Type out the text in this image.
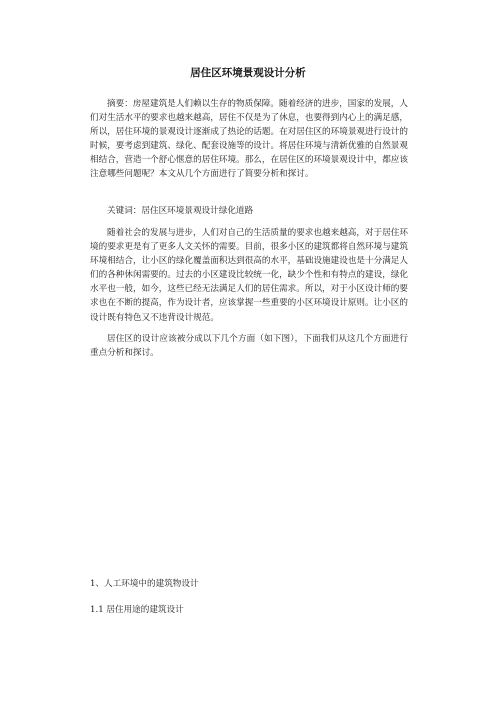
居住区环境景观设计分析

摘要：房屋建筑是人们赖以生存的物质保障。随着经济的进步，国家的发展，人们对生活水平的要求也越来越高，居住不仅是为了休息，也要得到内心上的满足感，所以，居住环境的景观设计逐渐成了热论的话题。在对居住区的环境景观进行设计的时候，要考虑到建筑、绿化、配套设施等的设计。将居住环境与清新优雅的自然景观相结合，营造一个舒心惬意的居住环境。那么，在居住区的环境景观设计中，都应该注意哪些问题呢？本文从几个方面进行了简要分析和探讨。

关键词：居住区环境景观设计绿化道路

随着社会的发展与进步，人们对自己的生活质量的要求也越来越高，对于居住环境的要求更是有了更多人文关怀的需要。目前，很多小区的建筑都将自然环境与建筑环境相结合，让小区的绿化覆盖面积达到很高的水平，基础设施建设也是十分满足人们的各种休闲需要的。过去的小区建设比较统一化，缺少个性和有特点的建设，绿化水平也一般，如今，这些已经无法满足人们的居住需求。所以，对于小区设计师的要求也在不断的提高，作为设计者，应该掌握一些重要的小区环境设计原则。让小区的设计既有特色又不违背设计规范。

居住区的设计应该被分成以下几个方面（如下图），下面我们从这几个方面进行重点分析和探讨。

1、人工环境中的建筑物设计
1.1 居住用途的建筑设计
